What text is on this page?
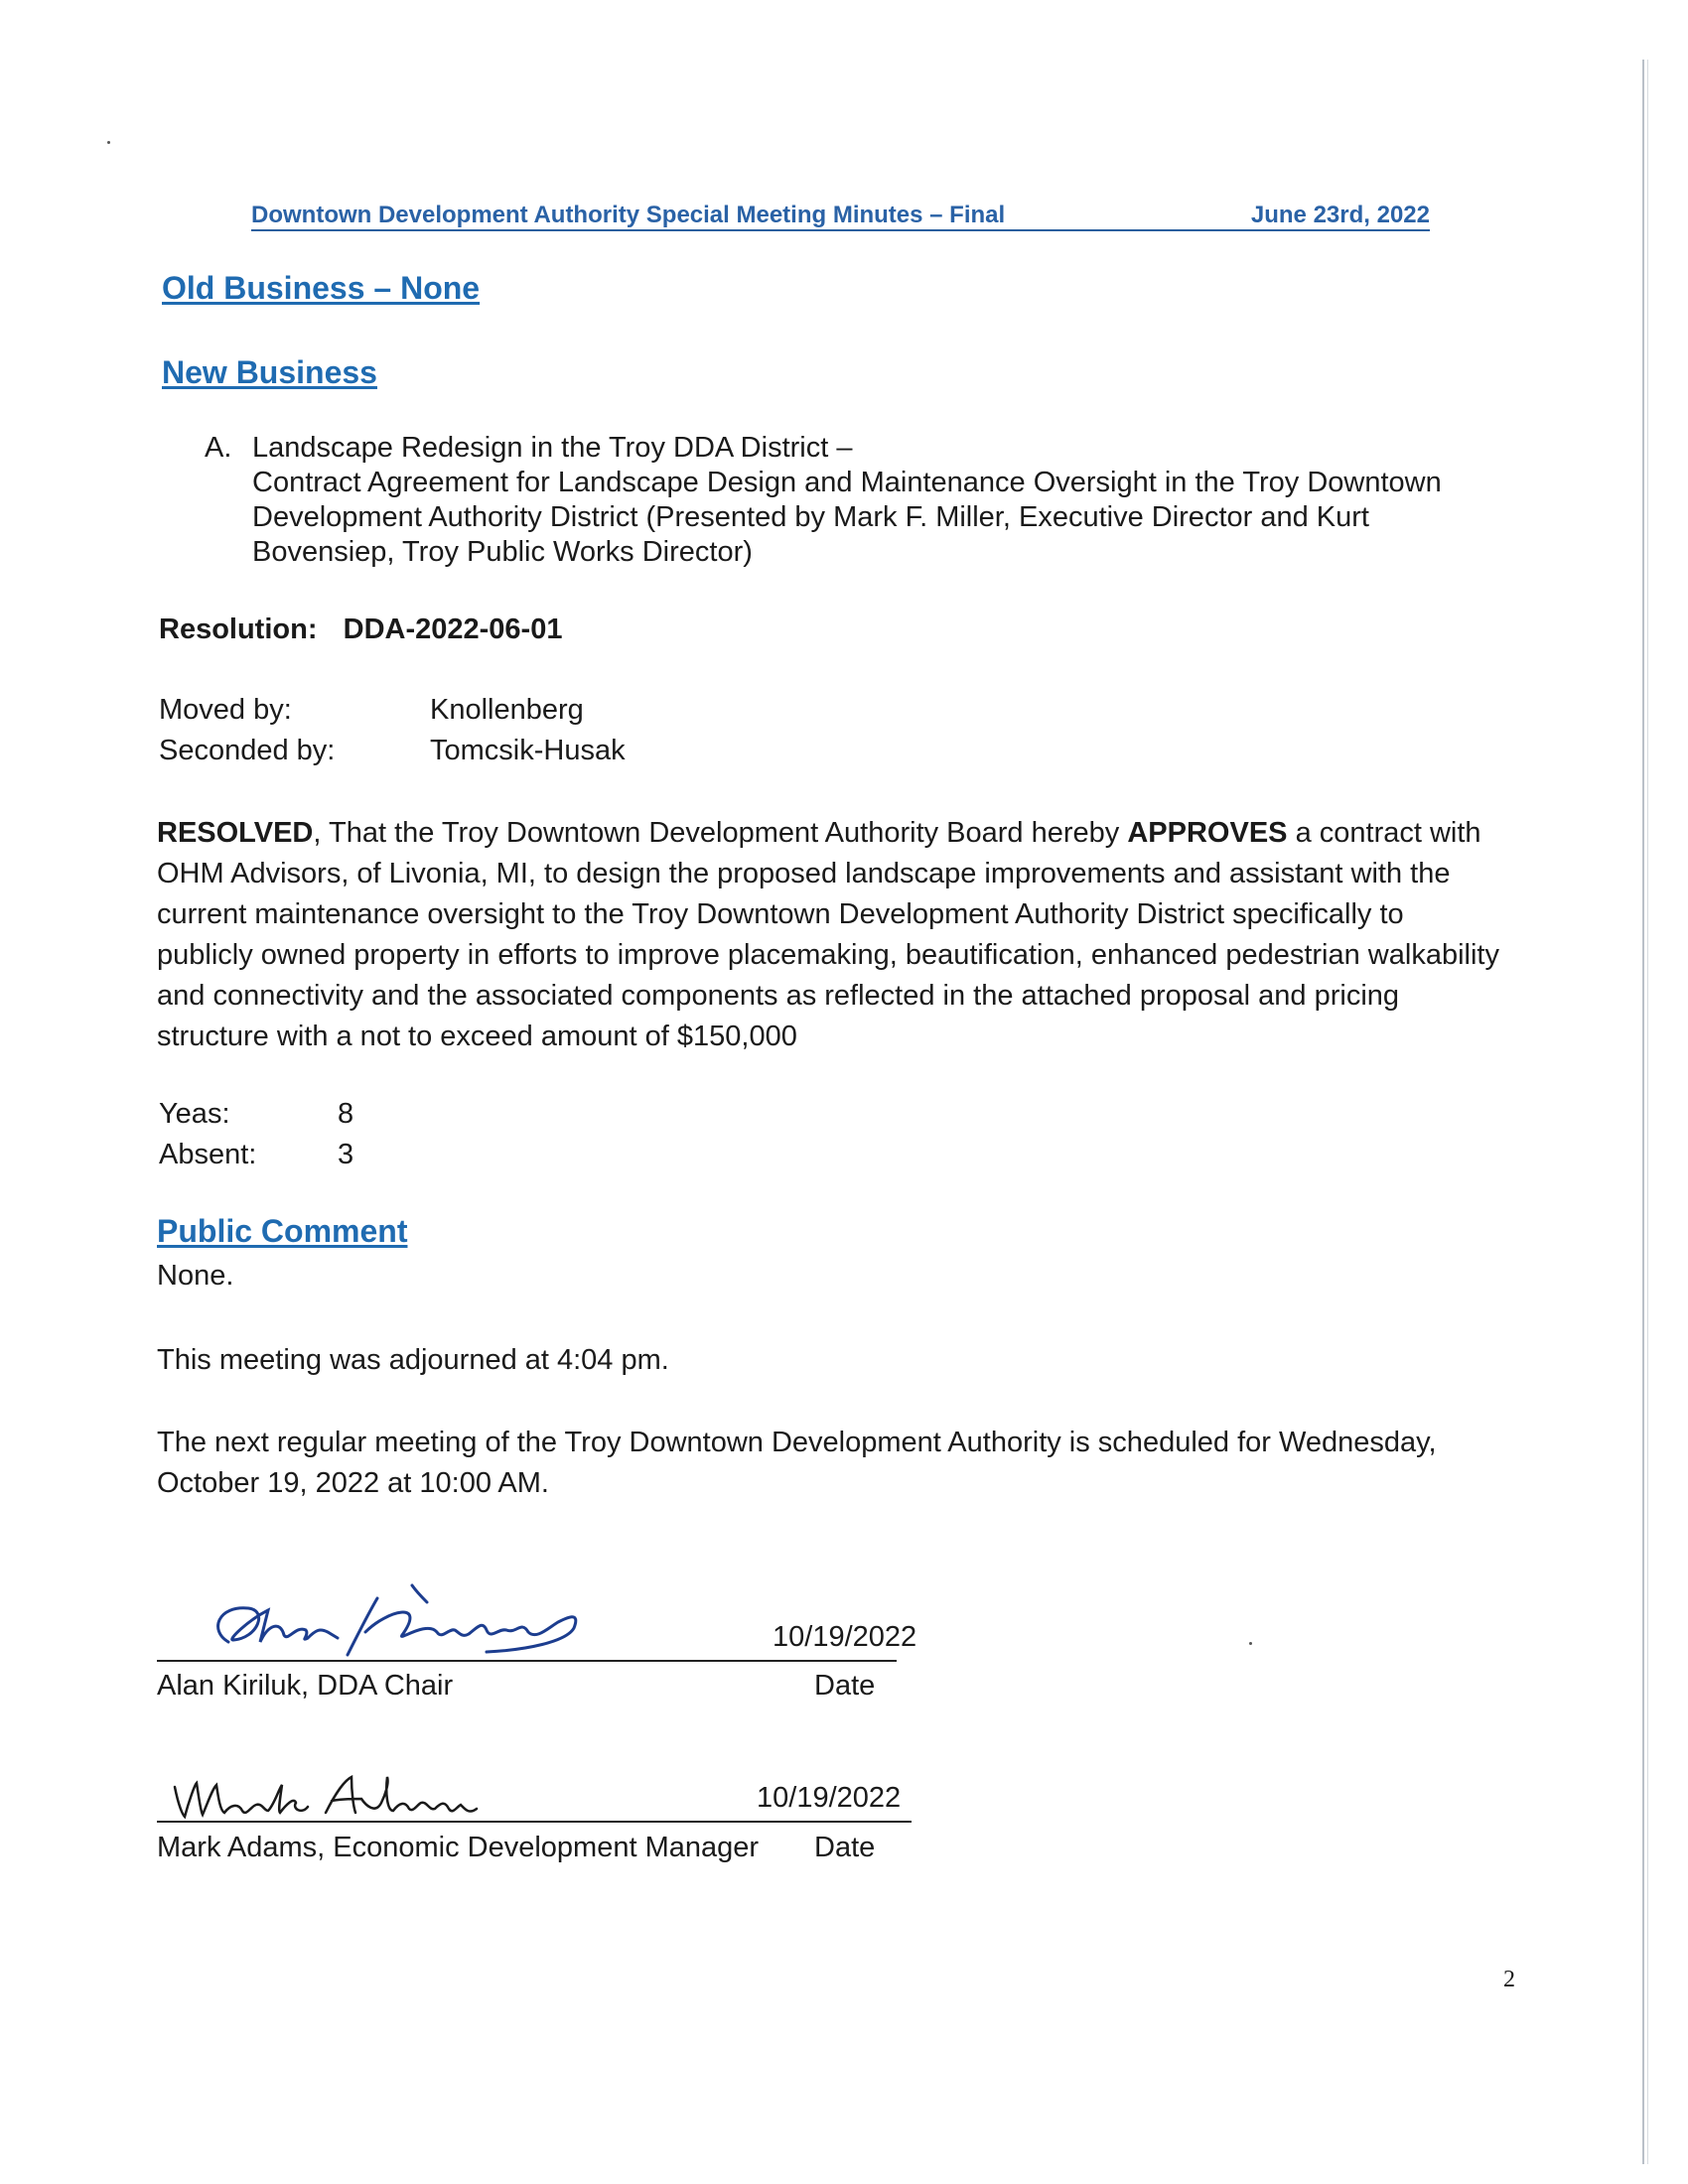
Downtown Development Authority Special Meeting Minutes – Final	June 23rd, 2022
Old Business – None
New Business
A. Landscape Redesign in the Troy DDA District –
Contract Agreement for Landscape Design and Maintenance Oversight in the Troy Downtown
Development Authority District (Presented by Mark F. Miller, Executive Director and Kurt
Bovensiep, Troy Public Works Director)
Resolution: DDA-2022-06-01
Moved by:	Knollenberg
Seconded by:	Tomcsik-Husak
RESOLVED, That the Troy Downtown Development Authority Board hereby APPROVES a contract with OHM Advisors, of Livonia, MI, to design the proposed landscape improvements and assistant with the current maintenance oversight to the Troy Downtown Development Authority District specifically to publicly owned property in efforts to improve placemaking, beautification, enhanced pedestrian walkability and connectivity and the associated components as reflected in the attached proposal and pricing structure with a not to exceed amount of $150,000
Yeas:	8
Absent:	3
Public Comment
None.
This meeting was adjourned at 4:04 pm.
The next regular meeting of the Troy Downtown Development Authority is scheduled for Wednesday, October 19, 2022 at 10:00 AM.
10/19/2022
Alan Kiriluk, DDA Chair	Date
10/19/2022
Mark Adams, Economic Development Manager Date
2
